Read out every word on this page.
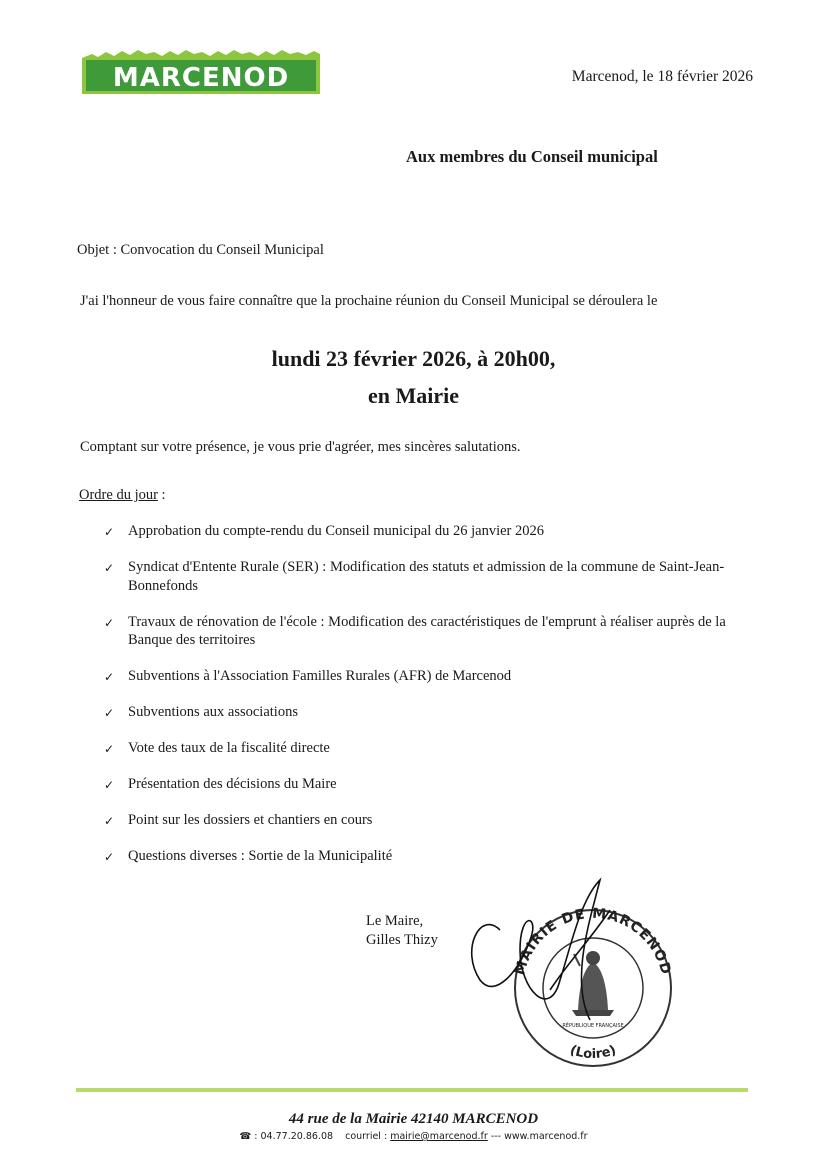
MARCENOD	Marcenod, le 18 février 2026
Aux membres du Conseil municipal
Objet : Convocation du Conseil Municipal
J'ai l'honneur de vous faire connaître que la prochaine réunion du Conseil Municipal se déroulera le
lundi 23 février 2026, à 20h00,
en Mairie
Comptant sur votre présence, je vous prie d'agréer, mes sincères salutations.
Ordre du jour :
✓ Approbation du compte-rendu du Conseil municipal du 26 janvier 2026
✓ Syndicat d'Entente Rurale (SER) : Modification des statuts et admission de la commune de Saint-Jean-Bonnefonds
✓ Travaux de rénovation de l'école : Modification des caractéristiques de l'emprunt à réaliser auprès de la Banque des territoires
✓ Subventions à l'Association Familles Rurales (AFR) de Marcenod
✓ Subventions aux associations
✓ Vote des taux de la fiscalité directe
✓ Présentation des décisions du Maire
✓ Point sur les dossiers et chantiers en cours
✓ Questions diverses : Sortie de la Municipalité
MAIRIE DE MARCENOD
(Loire)
RÉPUBLIQUE FRANÇAISE
Le Maire,
Gilles Thizy
44 rue de la Mairie 42140 MARCENOD
☎ : 04.77.20.86.08 courriel : mairie@marcenod.fr --- www.marcenod.fr
